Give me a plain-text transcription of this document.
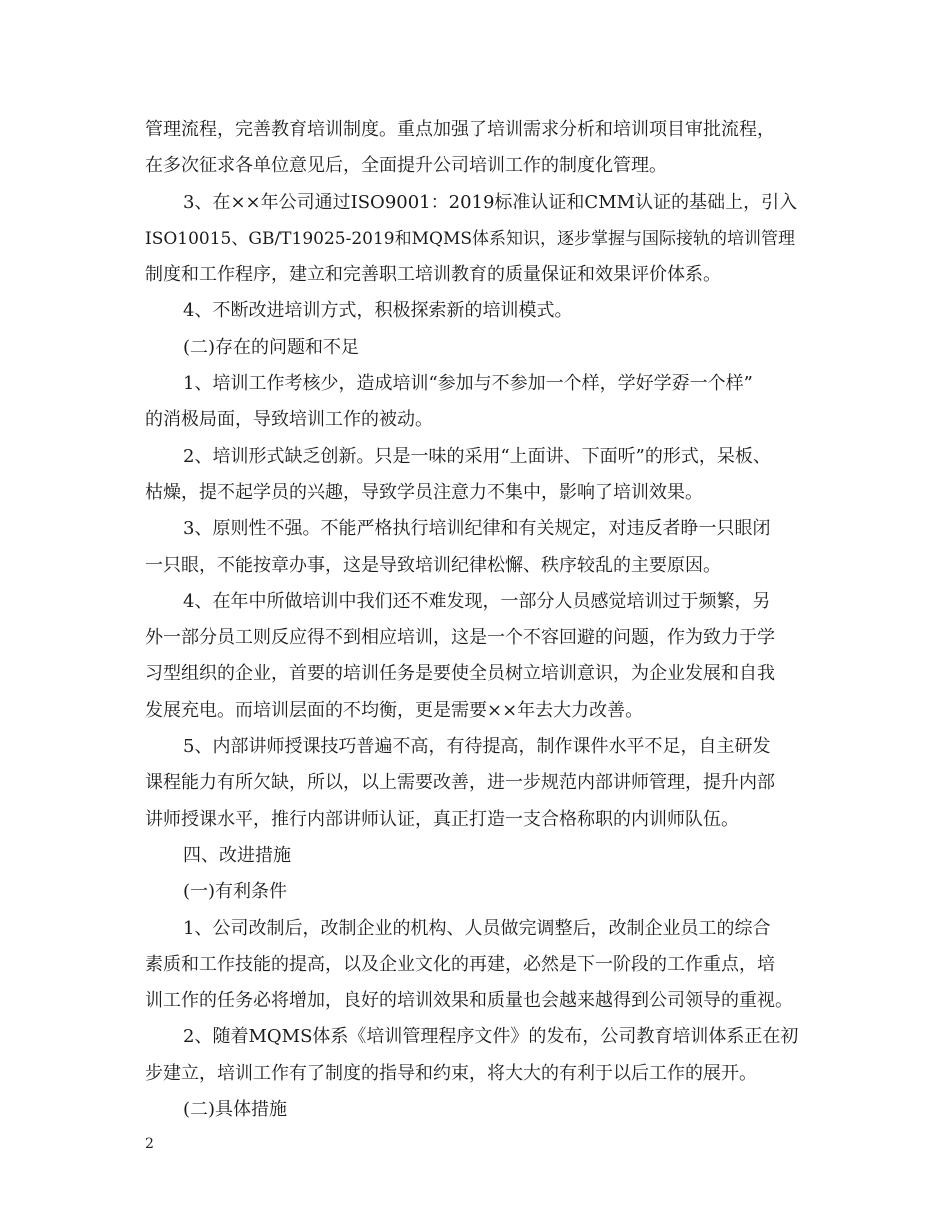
管理流程，完善教育培训制度。重点加强了培训需求分析和培训项目审批流程，
在多次征求各单位意见后，全面提升公司培训工作的制度化管理。
3、在××年公司通过ISO9001：2019标准认证和CMM认证的基础上，引入
ISO10015、GB/T19025-2019和MQMS体系知识，逐步掌握与国际接轨的培训管理
制度和工作程序，建立和完善职工培训教育的质量保证和效果评价体系。
4、不断改进培训方式，积极探索新的培训模式。
(二)存在的问题和不足
1、培训工作考核少，造成培训“参加与不参加一个样，学好学孬一个样”
的消极局面，导致培训工作的被动。
2、培训形式缺乏创新。只是一味的采用“上面讲、下面听”的形式，呆板、
枯燥，提不起学员的兴趣，导致学员注意力不集中，影响了培训效果。
3、原则性不强。不能严格执行培训纪律和有关规定，对违反者睁一只眼闭
一只眼，不能按章办事，这是导致培训纪律松懈、秩序较乱的主要原因。
4、在年中所做培训中我们还不难发现，一部分人员感觉培训过于频繁，另
外一部分员工则反应得不到相应培训，这是一个不容回避的问题，作为致力于学
习型组织的企业，首要的培训任务是要使全员树立培训意识，为企业发展和自我
发展充电。而培训层面的不均衡，更是需要××年去大力改善。
5、内部讲师授课技巧普遍不高，有待提高，制作课件水平不足，自主研发
课程能力有所欠缺，所以，以上需要改善，进一步规范内部讲师管理，提升内部
讲师授课水平，推行内部讲师认证，真正打造一支合格称职的内训师队伍。
四、改进措施
(一)有利条件
1、公司改制后，改制企业的机构、人员做完调整后，改制企业员工的综合
素质和工作技能的提高，以及企业文化的再建，必然是下一阶段的工作重点，培
训工作的任务必将增加，良好的培训效果和质量也会越来越得到公司领导的重视。
2、随着MQMS体系《培训管理程序文件》的发布，公司教育培训体系正在初
步建立，培训工作有了制度的指导和约束，将大大的有利于以后工作的展开。
(二)具体措施
2
